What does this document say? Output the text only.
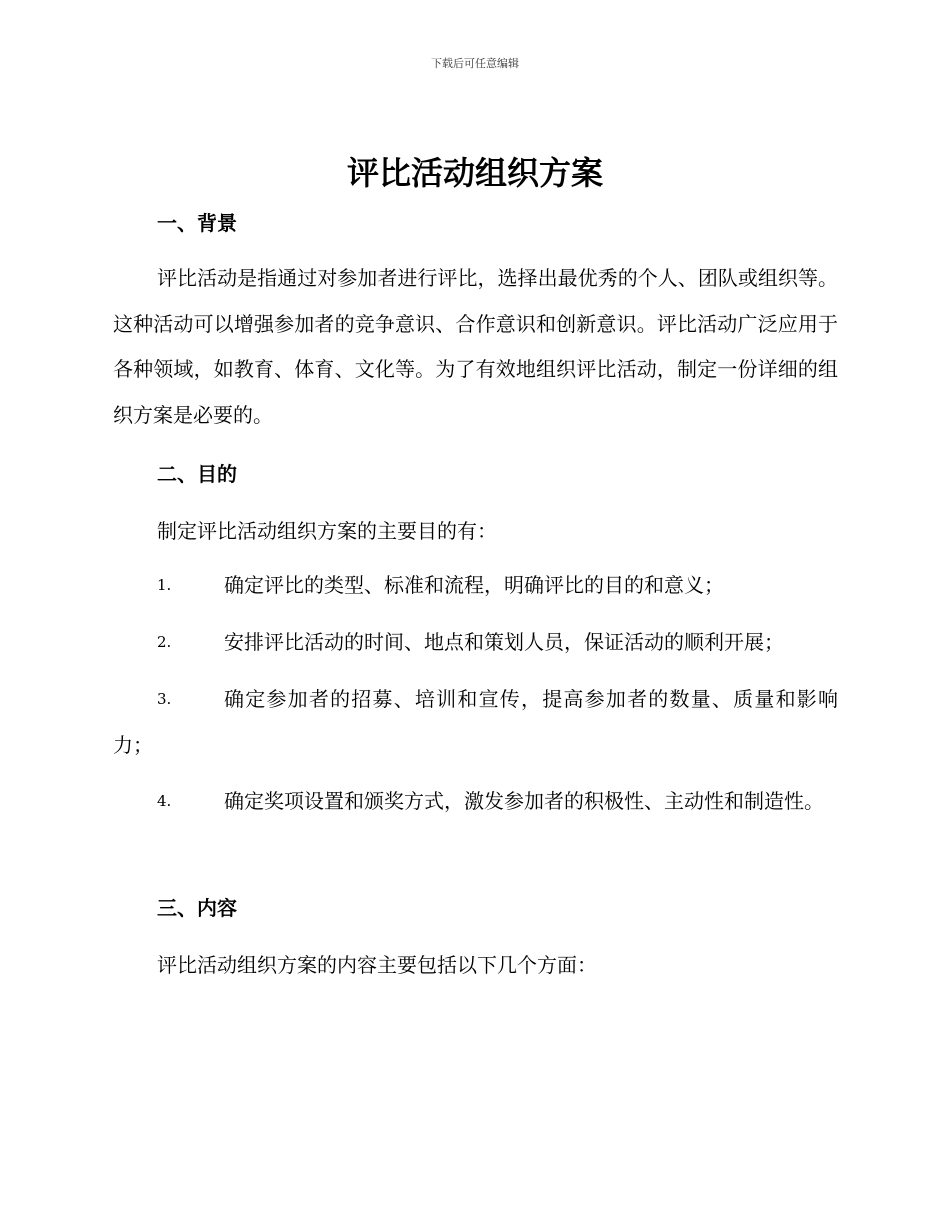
下载后可任意编辑
评比活动组织方案
一、背景

评比活动是指通过对参加者进行评比，选择出最优秀的个人、团队或组织等。这种活动可以增强参加者的竞争意识、合作意识和创新意识。评比活动广泛应用于各种领域，如教育、体育、文化等。为了有效地组织评比活动，制定一份详细的组织方案是必要的。

二、目的
制定评比活动组织方案的主要目的有：
1.	确定评比的类型、标准和流程，明确评比的目的和意义；

2.	安排评比活动的时间、地点和策划人员，保证活动的顺利开展；

3.	确定参加者的招募、培训和宣传，提高参加者的数量、质量和影响力；

4.	确定奖项设置和颁奖方式，激发参加者的积极性、主动性和制造性。

三、内容
评比活动组织方案的内容主要包括以下几个方面：
